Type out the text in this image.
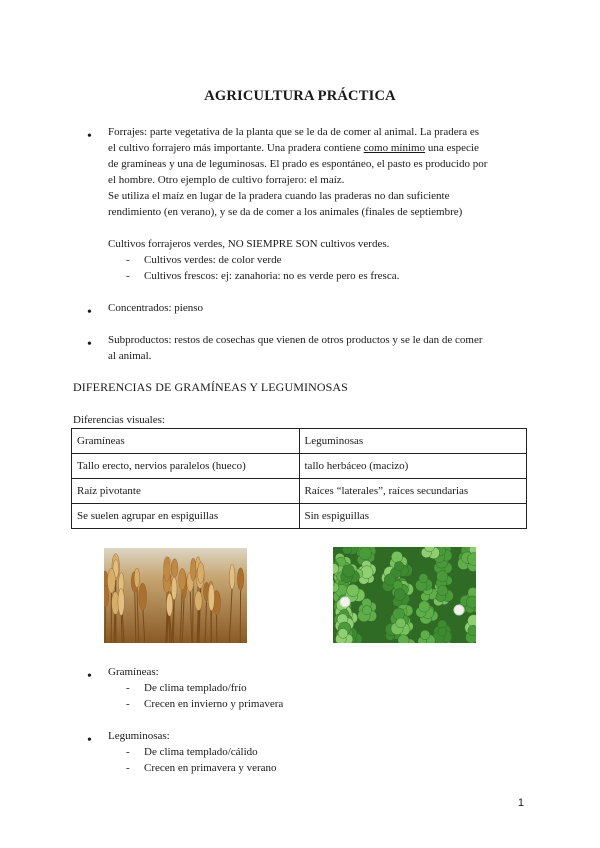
AGRICULTURA PRÁCTICA
• Forrajes: parte vegetativa de la planta que se le da de comer al animal. La pradera es

el cultivo forrajero más importante. Una pradera contiene como mínimo una especie

de gramíneas y una de leguminosas. El prado es espontáneo, el pasto es producido por

el hombre. Otro ejemplo de cultivo forrajero: el maíz.

Se utiliza el maíz en lugar de la pradera cuando las praderas no dan suficiente

rendimiento (en verano), y se da de comer a los animales (finales de septiembre)

Cultivos forrajeros verdes, NO SIEMPRE SON cultivos verdes.
- Cultivos verdes: de color verde
- Cultivos frescos: ej: zanahoria: no es verde pero es fresca.
• Concentrados: pienso
• Subproductos: restos de cosechas que vienen de otros productos y se le dan de comer

al animal.

DIFERENCIAS DE GRAMÍNEAS Y LEGUMINOSAS
Diferencias visuales:
Gramíneas	Leguminosas
Tallo erecto, nervios paralelos (hueco)	tallo herbáceo (macizo)
Raíz pivotante	Raíces “laterales”, raíces secundarias
Se suelen agrupar en espiguillas	Sin espiguillas
• Gramíneas:
- De clima templado/frío
- Crecen en invierno y primavera
• Leguminosas:
- De clima templado/cálido
- Crecen en primavera y verano
1
